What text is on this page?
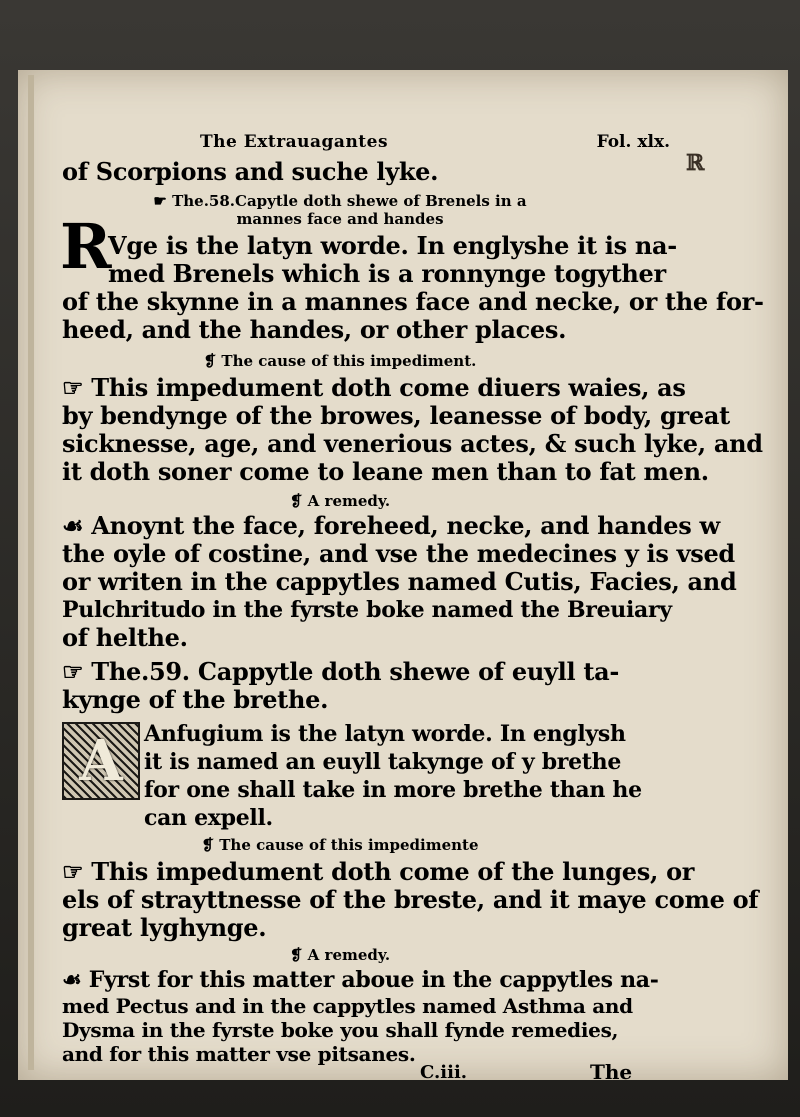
The Extrauagantes	Fol. xlx.
ℝ
of Scorpions and suche lyke.
☛ The.58.Capytle doth shewe of Brenels in a
mannes face and handes
R
Vge is the latyn worde. In englyshe it is na-
med Brenels which is a ronnynge togyther
of the skynne in a mannes face and necke, or the for-
heed, and the handes, or other places.
❡ The cause of this impediment.
☞ This impedument doth come diuers waies, as
by bendynge of the browes, leanesse of body, great
sicknesse, age, and venerious actes, & such lyke, and
it doth soner come to leane men than to fat men.
❡ A remedy.
☙ Anoynt the face, foreheed, necke, and handes w
the oyle of costine, and vse the medecines y is vsed
or writen in the cappytles named Cutis, Facies, and
Pulchritudo in the fyrste boke named the Breuiary
of helthe.
☞ The.59. Cappytle doth shewe of euyll ta-
kynge of the brethe.
A Anfugium is the latyn worde. In englysh
it is named an euyll takynge of y brethe
for one shall take in more brethe than he
can expell.
❡ The cause of this impedimente
☞ This impedument doth come of the lunges, or
els of strayttnesse of the breste, and it maye come of
great lyghynge.
❡ A remedy.
☙ Fyrst for this matter aboue in the cappytles na-
med Pectus and in the cappytles named Asthma and
Dysma in the fyrste boke you shall fynde remedies,
and for this matter vse pitsanes.
C.iii.	The
